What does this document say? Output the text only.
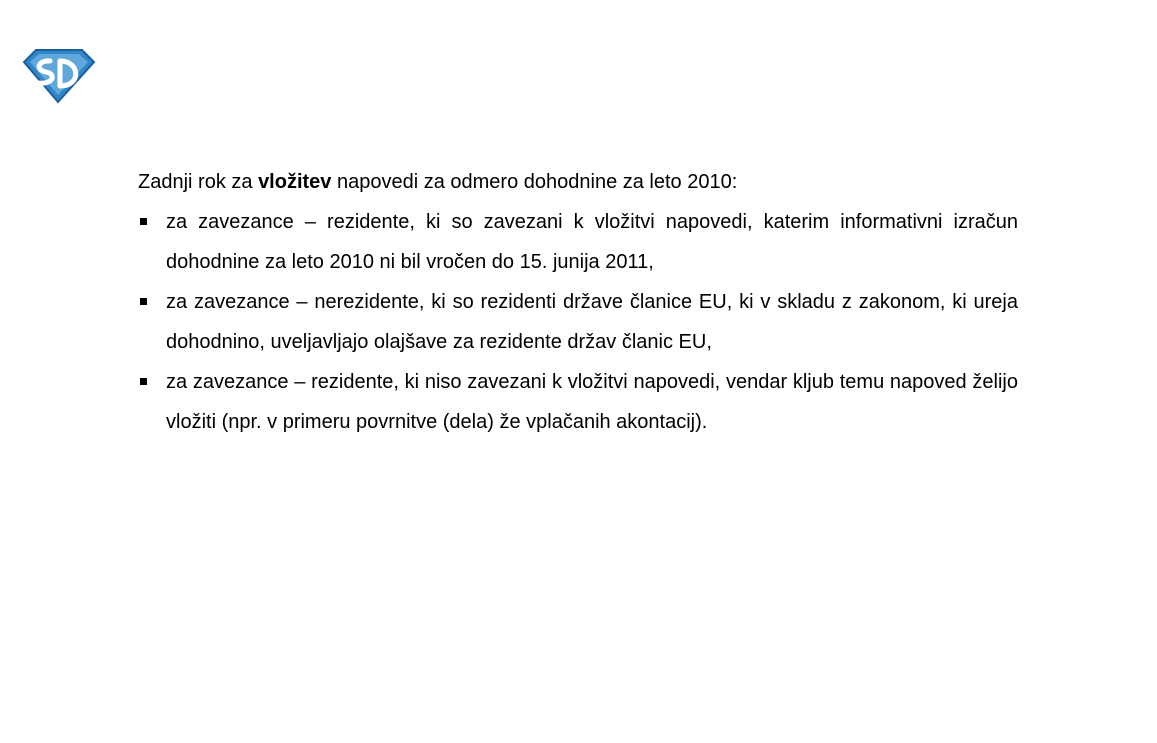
Zadnji rok za vložitev napovedi za odmero dohodnine za leto 2010:

za zavezance – rezidente, ki so zavezani k vložitvi napovedi, katerim informativni izračun dohodnine za leto 2010 ni bil vročen do 15. junija 2011,
za zavezance – nerezidente, ki so rezidenti države članice EU, ki v skladu z zakonom, ki ureja dohodnino, uveljavljajo olajšave za rezidente držav članic EU,
za zavezance – rezidente, ki niso zavezani k vložitvi napovedi, vendar kljub temu napoved želijo vložiti (npr. v primeru povrnitve (dela) že vplačanih akontacij).
